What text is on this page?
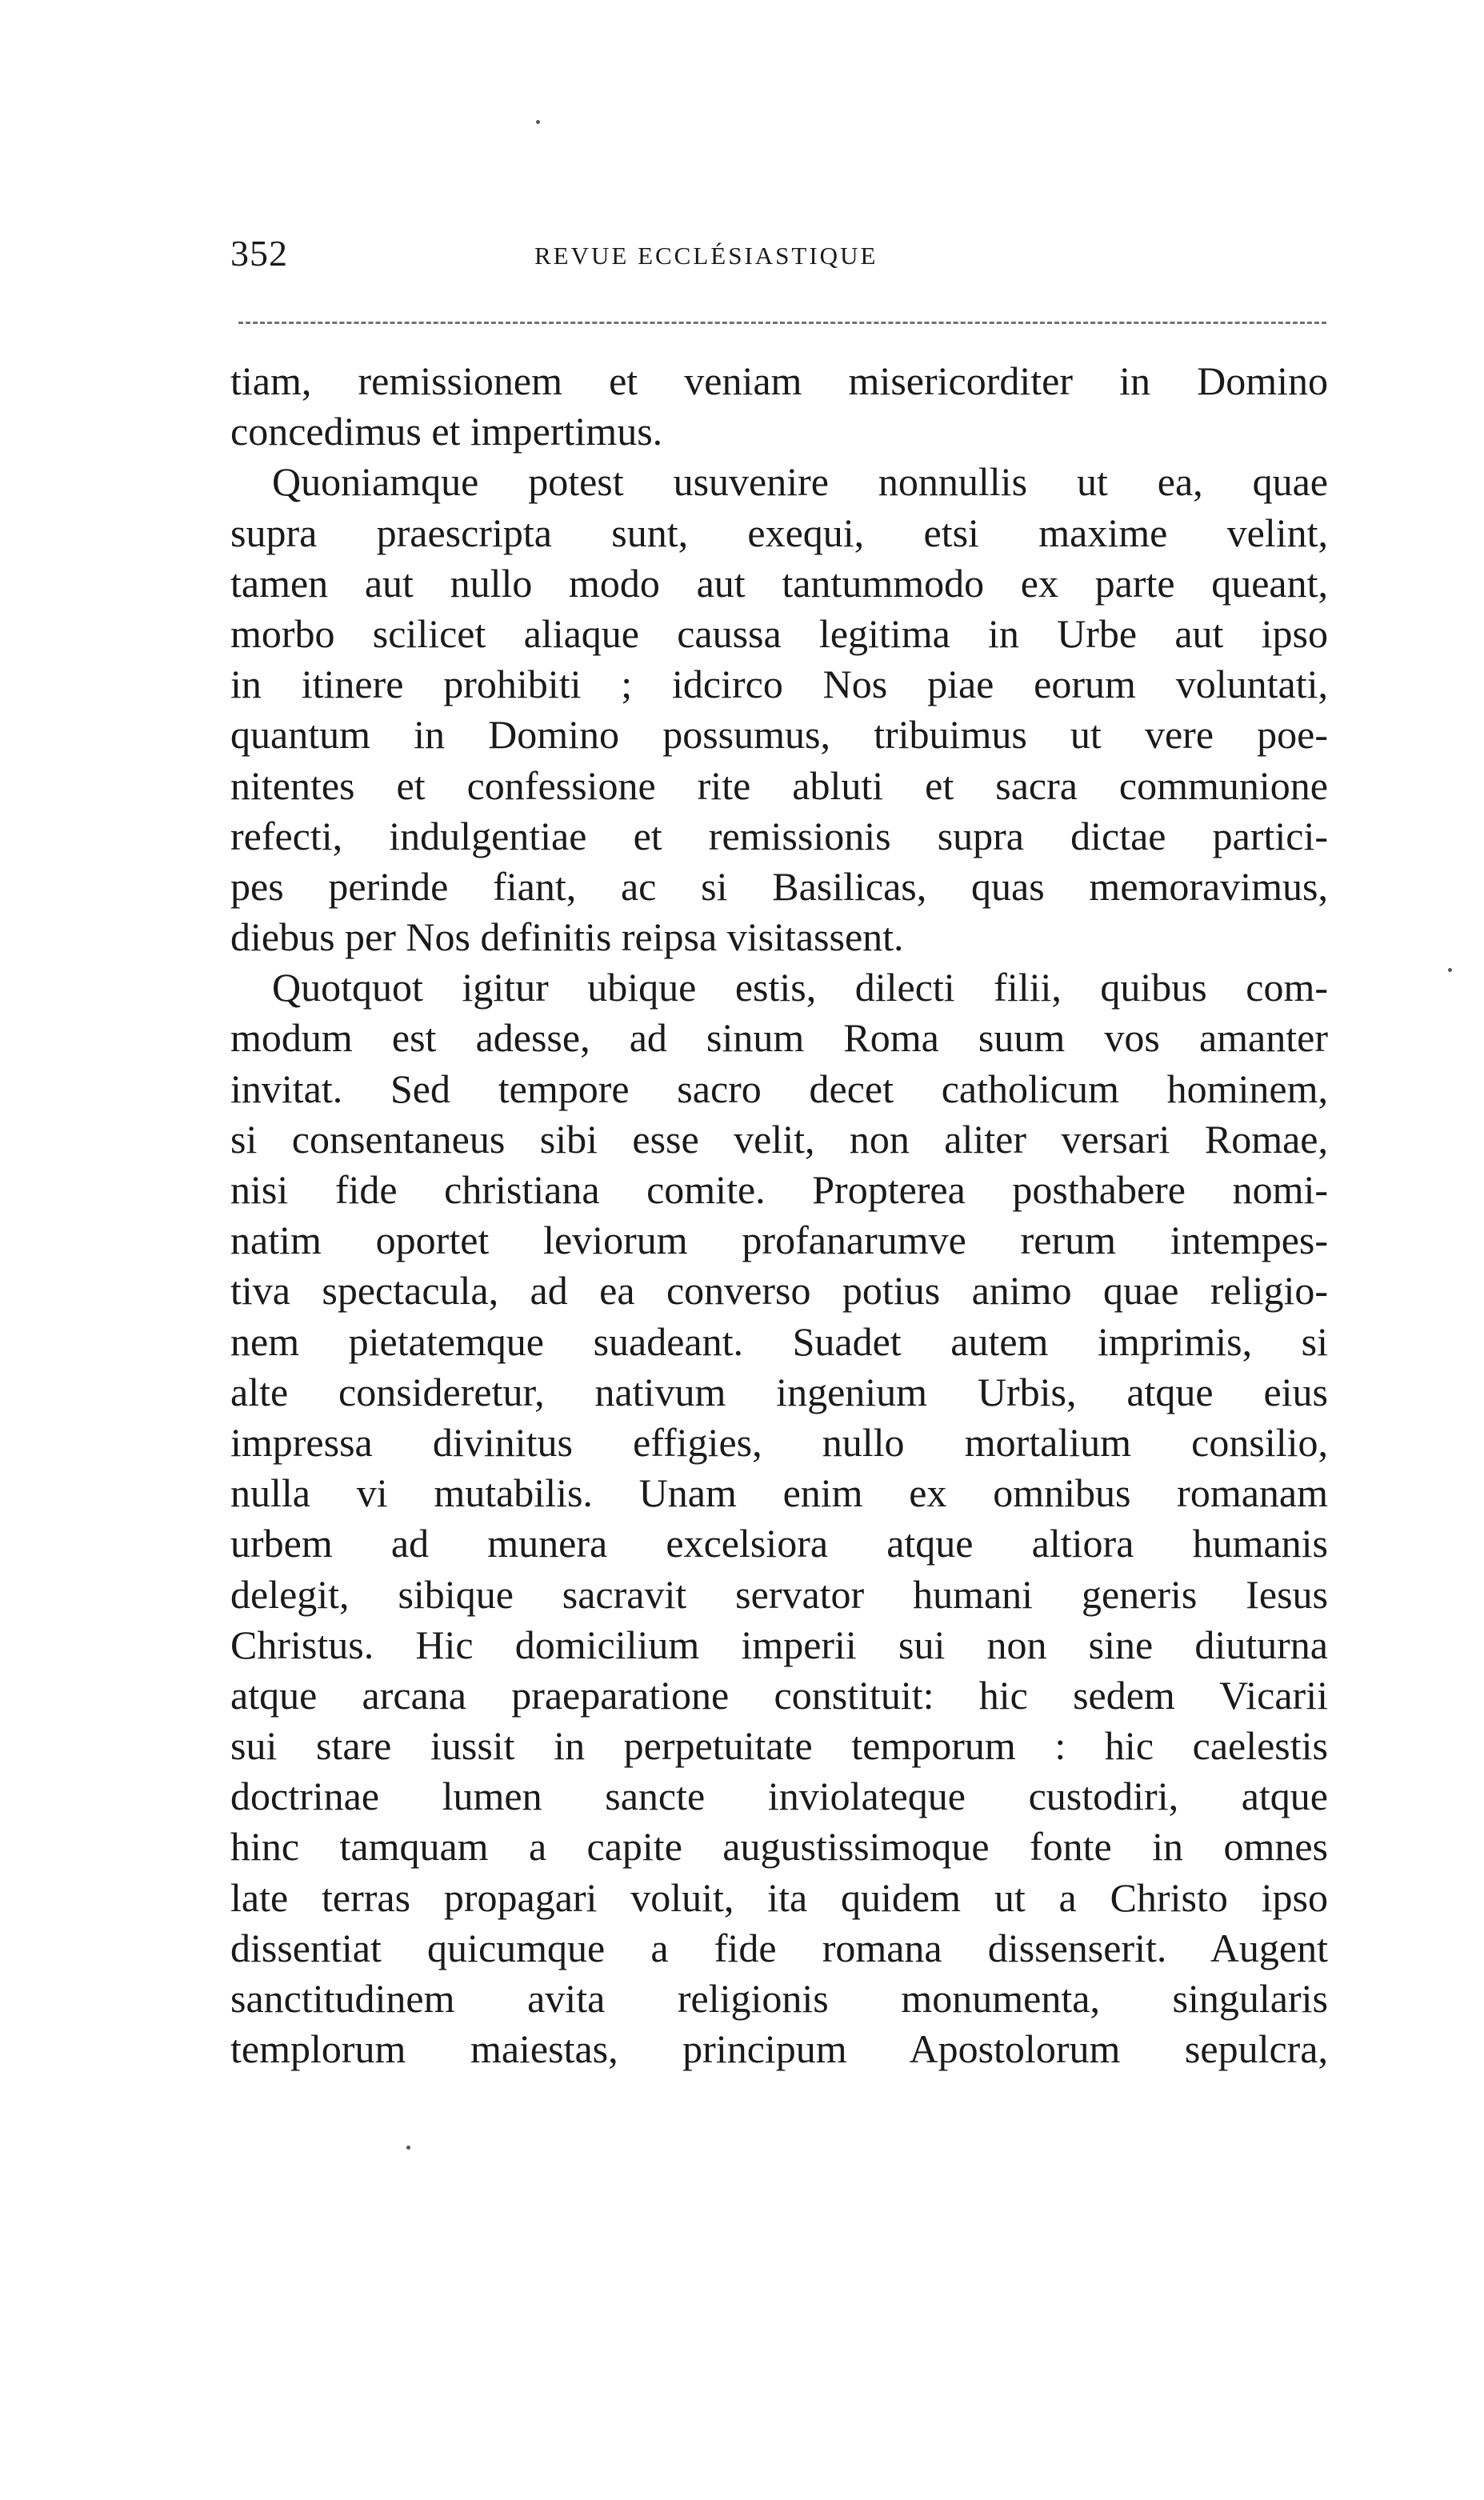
352	REVUE ECCLÉSIASTIQUE
tiam, remissionem et veniam misericorditer in Domino
concedimus et impertimus.
Quoniamque potest usuvenire nonnullis ut ea, quae
supra praescripta sunt, exequi, etsi maxime velint,
tamen aut nullo modo aut tantummodo ex parte queant,
morbo scilicet aliaque caussa legitima in Urbe aut ipso
in itinere prohibiti ; idcirco Nos piae eorum voluntati,
quantum in Domino possumus, tribuimus ut vere poe-
nitentes et confessione rite abluti et sacra communione
refecti, indulgentiae et remissionis supra dictae partici-
pes perinde fiant, ac si Basilicas, quas memoravimus,
diebus per Nos definitis reipsa visitassent.
Quotquot igitur ubique estis, dilecti filii, quibus com-
modum est adesse, ad sinum Roma suum vos amanter
invitat. Sed tempore sacro decet catholicum hominem,
si consentaneus sibi esse velit, non aliter versari Romae,
nisi fide christiana comite. Propterea posthabere nomi-
natim oportet leviorum profanarumve rerum intempes-
tiva spectacula, ad ea converso potius animo quae religio-
nem pietatemque suadeant. Suadet autem imprimis, si
alte consideretur, nativum ingenium Urbis, atque eius
impressa divinitus effigies, nullo mortalium consilio,
nulla vi mutabilis. Unam enim ex omnibus romanam
urbem ad munera excelsiora atque altiora humanis
delegit, sibique sacravit servator humani generis Iesus
Christus. Hic domicilium imperii sui non sine diuturna
atque arcana praeparatione constituit: hic sedem Vicarii
sui stare iussit in perpetuitate temporum : hic caelestis
doctrinae lumen sancte inviolateque custodiri, atque
hinc tamquam a capite augustissimoque fonte in omnes
late terras propagari voluit, ita quidem ut a Christo ipso
dissentiat quicumque a fide romana dissenserit. Augent
sanctitudinem avita religionis monumenta, singularis
templorum maiestas, principum Apostolorum sepulcra,
